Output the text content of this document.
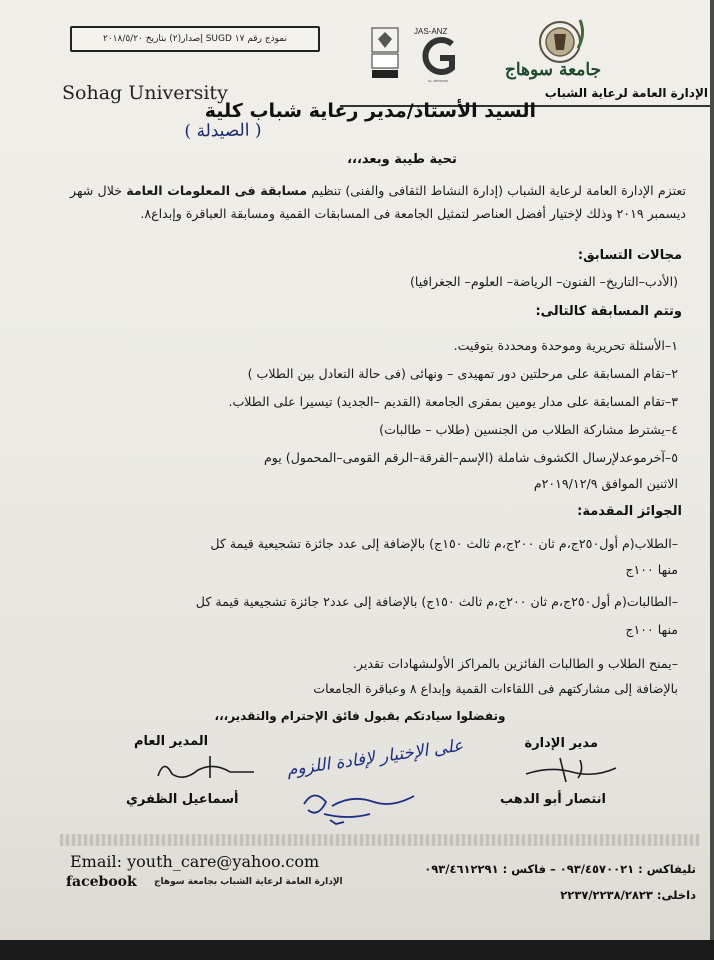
نموذج رقم ١٧ SUGD إصدار(٢) بتاريخ ٢٠١٨/٥/٢٠
JAS-ANZ
No. M6750708
جامعة سوهاج
Sohag University	الإدارة العامة لرعاية الشباب
السيد الأستاذ/مدير رعاية شباب كلية
( الصيدلة )
تحية طيبة وبعد،،،
تعتزم الإدارة العامة لرعاية الشباب (إدارة النشاط الثقافى والفنى) تنظيم مسابقة فى المعلومات العامة خلال شهر ديسمبر ٢٠١٩ وذلك لإختيار أفضل العناصر لتمثيل الجامعة فى المسابقات القمية ومسابقة العباقرة وإبداع٨.
مجالات التسابق:
(الأدب–التاريخ– الفنون– الرياضة– العلوم– الجغرافيا)
وتتم المسابقة كالتالى:
١–الأسئلة تحريرية وموحدة ومحددة بتوقيت.
٢–تقام المسابقة على مرحلتين دور تمهيدى – ونهائى (فى حالة التعادل بين الطلاب )
٣–تقام المسابقة على مدار يومين بمقرى الجامعة (القديم –الجديد) تيسيرا على الطلاب.
٤–يشترط مشاركة الطلاب من الجنسين (طلاب – طالبات)
٥–آخرموعدلإرسال الكشوف شاملة (الإسم–الفرقة–الرقم القومى–المحمول) يوم
الاثنين الموافق ٢٠١٩/١٢/٩م
الجوائز المقدمة:
–الطلاب(م أول٢٥٠ج،م ثان ٢٠٠ج،م ثالث ١٥٠ج) بالإضافة إلى عدد جائزة تشجيعية قيمة كل
منها ١٠٠ج
–الطالبات(م أول٢٥٠ج،م ثان ٢٠٠ج،م ثالث ١٥٠ج) بالإضافة إلى عدد٢ جائزة تشجيعية قيمة كل
منها ١٠٠ج
–يمنح الطلاب و الطالبات الفائزين بالمراكز الأولىشهادات تقدير.
بالإضافة إلى مشاركتهم فى اللقاءات القمية وإبداع ٨ وعباقرة الجامعات
وتفضلوا سيادتكم بقبول فائق الإحترام والتقدير،،،
مدير الإدارة
انتصار أبو الدهب
المدير العام
أسماعيل الظفري
على الإختيار لإفادة اللزوم
Email: youth_care@yahoo.com
facebook الإدارة العامة لرعاية الشباب بجامعة سوهاج
تليفاكس : ٠٩٣/٤٥٧٠٠٢١ – فاكس : ٠٩٣/٤٦١٢٢٩١
داخلى: ٢٢٣٧/٢٢٣٨/٢٨٢٣
